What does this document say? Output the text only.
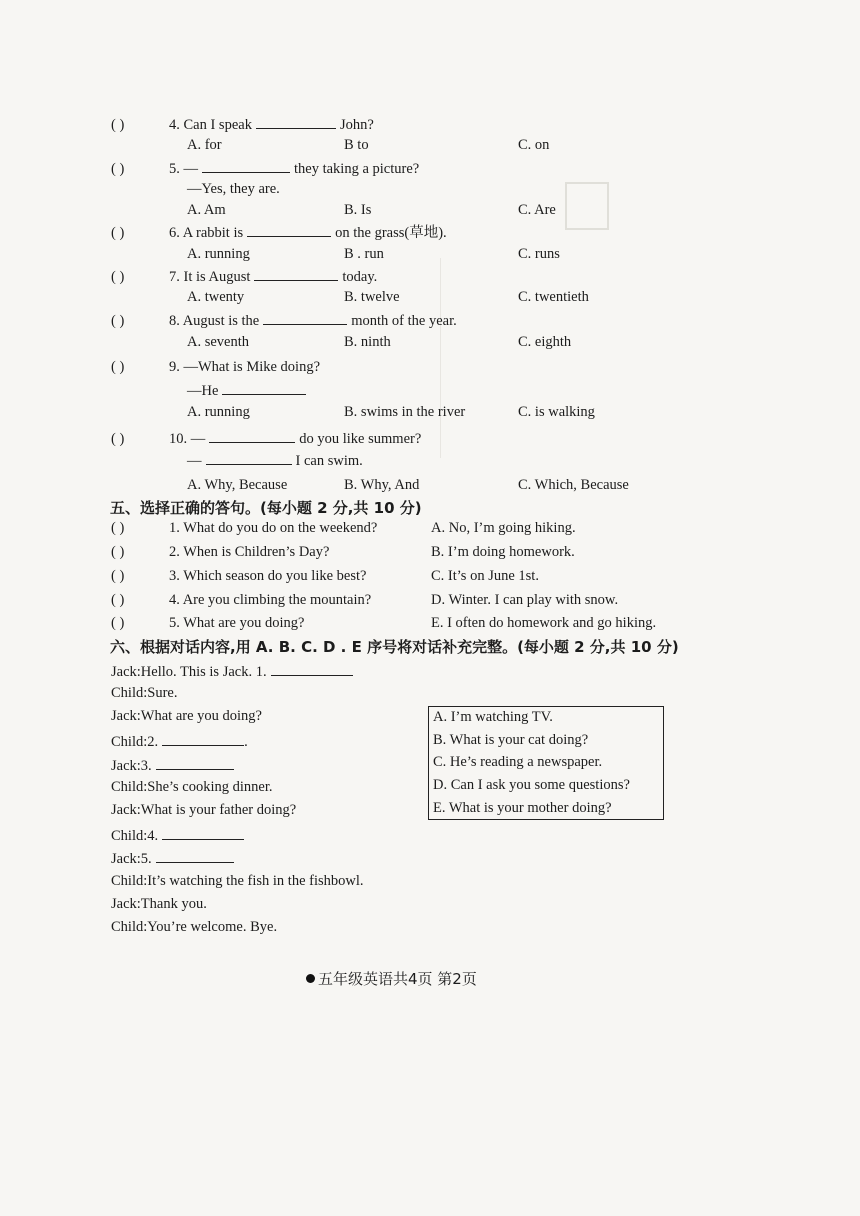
( )	4. Can I speak	John?
A. for	B to	C. on
( )	5. —	they taking a picture?
—Yes, they are.
A. Am	B. Is	C. Are
( )	6. A rabbit is	on the grass(草地).
A. running	B . run	C. runs
( )	7. It is August	today.
A. twenty	B. twelve	C. twentieth
( )	8. August is the	month of the year.
A. seventh	B. ninth	C. eighth
( )	9. —What is Mike doing?
—He
A. running	B. swims in the river	C. is walking
( )	10. —	do you like summer?
—	I can swim.
A. Why, Because	B. Why, And	C. Which, Because
五、选择正确的答句。(每小题 2 分,共 10 分)
( )	1. What do you do on the weekend?	A. No, I’m going hiking.
( )	2. When is Children’s Day?	B. I’m doing homework.
( )	3. Which season do you like best?	C. It’s on June 1st.
( )	4. Are you climbing the mountain?	D. Winter. I can play with snow.
( )	5. What are you doing?	E. I often do homework and go hiking.
六、根据对话内容,用 A. B. C. D . E 序号将对话补充完整。(每小题 2 分,共 10 分)
Jack:Hello. This is Jack. 1.
Child:Sure.
Jack:What are you doing?
Child:2.	.
Jack:3.
Child:She’s cooking dinner.
Jack:What is your father doing?
Child:4.
Jack:5.
Child:It’s watching the fish in the fishbowl.
Jack:Thank you.
Child:You’re welcome. Bye.
A. I’m watching TV.
B. What is your cat doing?
C. He’s reading a newspaper.
D. Can I ask you some questions?
E. What is your mother doing?
五年级英语共4页 第2页
